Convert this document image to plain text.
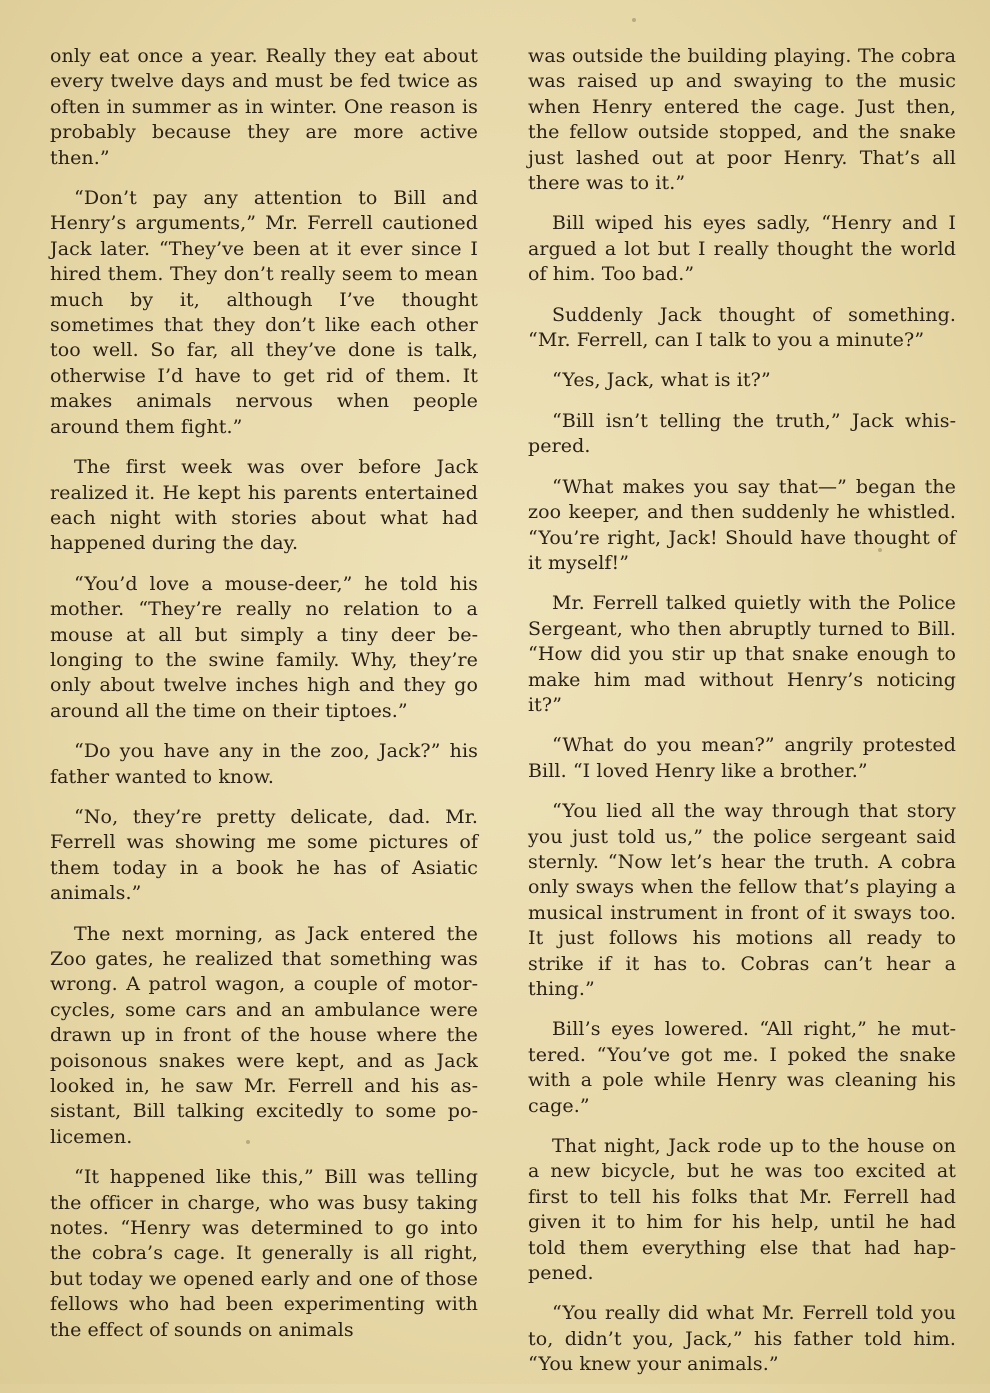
only eat once a year. Really they eat about every twelve days and must be fed twice as often in summer as in winter. One reason is probably because they are more active then.”

“Don’t pay any attention to Bill and Henry’s arguments,” Mr. Ferrell cautioned Jack later. “They’ve been at it ever since I hired them. They don’t really seem to mean much by it, although I’ve thought sometimes that they don’t like each other too well. So far, all they’ve done is talk, otherwise I’d have to get rid of them. It makes animals nervous when people around them fight.”

The first week was over before Jack realized it. He kept his parents entertained each night with stories about what had happened during the day.

“You’d love a mouse-deer,” he told his mother. “They’re really no relation to a mouse at all but simply a tiny deer belonging to the swine family. Why, they’re only about twelve inches high and they go around all the time on their tiptoes.”

“Do you have any in the zoo, Jack?” his father wanted to know.

“No, they’re pretty delicate, dad. Mr. Ferrell was showing me some pictures of them today in a book he has of Asiatic animals.”

The next morning, as Jack entered the Zoo gates, he realized that something was wrong. A patrol wagon, a couple of motorcycles, some cars and an ambulance were drawn up in front of the house where the poisonous snakes were kept, and as Jack looked in, he saw Mr. Ferrell and his assistant, Bill talking excitedly to some policemen.

“It happened like this,” Bill was telling the officer in charge, who was busy taking notes. “Henry was determined to go into the cobra’s cage. It generally is all right, but today we opened early and one of those fellows who had been experimenting with the effect of sounds on animals

was outside the building playing. The cobra was raised up and swaying to the music when Henry entered the cage. Just then, the fellow outside stopped, and the snake just lashed out at poor Henry. That’s all there was to it.”

Bill wiped his eyes sadly, “Henry and I argued a lot but I really thought the world of him. Too bad.”

Suddenly Jack thought of something. “Mr. Ferrell, can I talk to you a minute?”

“Yes, Jack, what is it?”

“Bill isn’t telling the truth,” Jack whispered.

“What makes you say that—” began the zoo keeper, and then suddenly he whistled. “You’re right, Jack! Should have thought of it myself!”

Mr. Ferrell talked quietly with the Police Sergeant, who then abruptly turned to Bill. “How did you stir up that snake enough to make him mad without Henry’s noticing it?”

“What do you mean?” angrily protested Bill. “I loved Henry like a brother.”

“You lied all the way through that story you just told us,” the police sergeant said sternly. “Now let’s hear the truth. A cobra only sways when the fellow that’s playing a musical instrument in front of it sways too. It just follows his motions all ready to strike if it has to. Cobras can’t hear a thing.”

Bill’s eyes lowered. “All right,” he muttered. “You’ve got me. I poked the snake with a pole while Henry was cleaning his cage.”

That night, Jack rode up to the house on a new bicycle, but he was too excited at first to tell his folks that Mr. Ferrell had given it to him for his help, until he had told them everything else that had happened.

“You really did what Mr. Ferrell told you to, didn’t you, Jack,” his father told him. “You knew your animals.”
